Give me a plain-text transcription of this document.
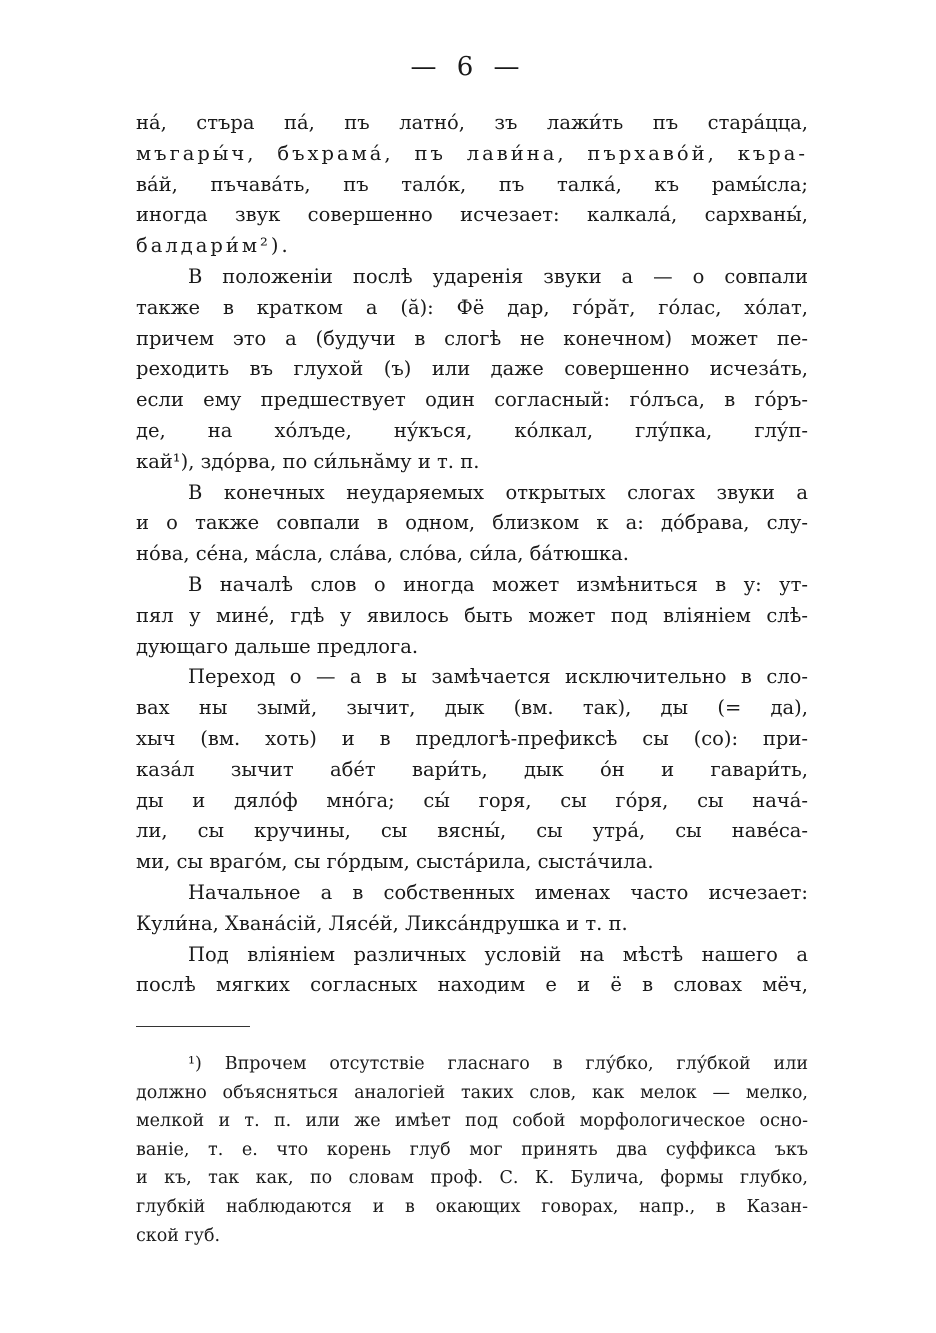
— 6 —
на́, стъра па́, пъ латно́, зъ лажи́ть пъ стара́цца,
мъгары́ч, бъхрама́, пъ лави́на, пърхаво́й, къра-
ва́й, пъчава́ть, пъ тало́к, пъ талка́, къ рамы́сла;
иногда звук совершенно исчезает: калкала́, сархваны́,
балдари́м²).
В положеніи послѣ ударенія звуки а — о совпали
также в кратком а (ă): Фё дар, го́рăт, го́лас, хо́лат,
причем это а (будучи в слогѣ не конечном) может пе-
реходить въ глухой (ъ) или даже совершенно исчеза́ть,
если ему предшествует один согласный: го́лъса, в го́ръ-
де, на хо́лъде, ну́къся, ко́лкал, глу́пка, глу́п-
кай¹), здо́рва, по си́льнăму и т. п.
В конечных неударяемых открытых слогах звуки а
и о также совпали в одном, близком к а: до́брава, слу-
но́ва, се́на, ма́сла, сла́ва, сло́ва, си́ла, ба́тюшка.
В началѣ слов о иногда может измѣниться в у: ут-
пял у мине́, гдѣ у явилось быть может под вліяніем слѣ-
дующаго дальше предлога.
Переход о — а в ы замѣчается исключительно в сло-
вах ны зымй, зычит, дык (вм. так), ды (= да),
хыч (вм. хоть) и в предлогѣ-префиксѣ сы (со): при-
каза́л зычит абе́т вари́ть, дык о́н и гавари́ть,
ды и дяло́ф мно́га; сы́ горя, сы го́ря, сы нача́-
ли, сы кручины, сы вясны́, сы утра́, сы наве́са-
ми, сы враго́м, сы го́рдым, сыста́рила, сыста́чила.
Начальное а в собственных именах часто исчезает:
Кули́на, Хвана́сій, Лясе́й, Ликса́ндрушка и т. п.
Под вліяніем различных условій на мѣстѣ нашего а
послѣ мягких согласных находим е и ё в словах мёч,
¹) Впрочем отсутствіе гласнаго в глу́бко, глу́бкой или
должно объясняться аналогіей таких слов, как мелок — мелко,
мелкой и т. п. или же имѣет под собой морфологическое осно-
ваніе, т. е. что корень глуб мог принять два суффикса ъкъ
и къ, так как, по словам проф. С. К. Булича, формы глубко,
глубкій наблюдаются и в окающих говорах, напр., в Казан-
ской губ.
